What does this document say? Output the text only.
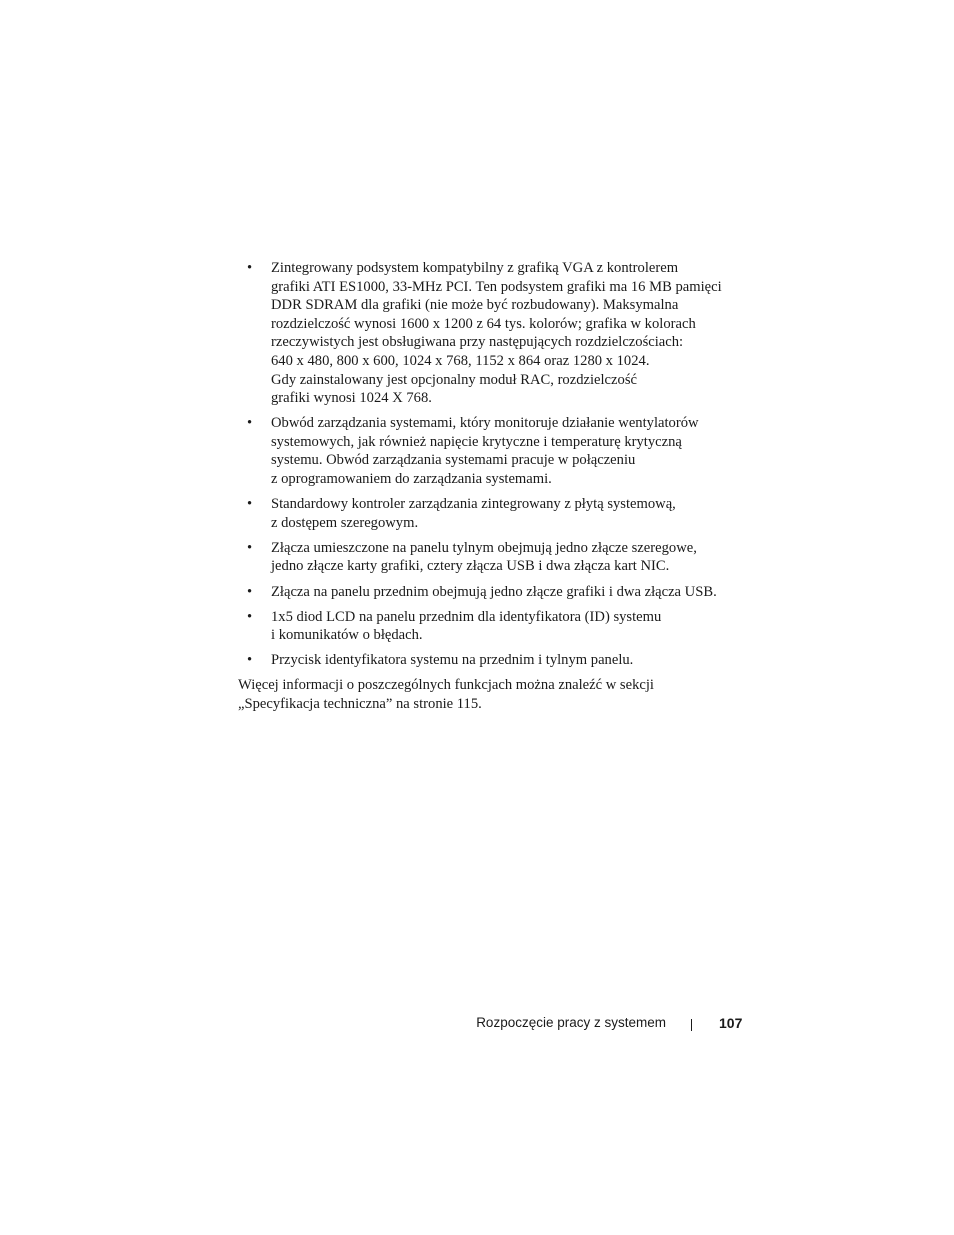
• Zintegrowany podsystem kompatybilny z grafiką VGA z kontrolerem
grafiki ATI ES1000, 33-MHz PCI. Ten podsystem grafiki ma 16 MB pamięci
DDR SDRAM dla grafiki (nie może być rozbudowany). Maksymalna
rozdzielczość wynosi 1600 x 1200 z 64 tys. kolorów; grafika w kolorach
rzeczywistych jest obsługiwana przy następujących rozdzielczościach:
640 x 480, 800 x 600, 1024 x 768, 1152 x 864 oraz 1280 x 1024.
Gdy zainstalowany jest opcjonalny moduł RAC, rozdzielczość
grafiki wynosi 1024 X 768.
• Obwód zarządzania systemami, który monitoruje działanie wentylatorów
systemowych, jak również napięcie krytyczne i temperaturę krytyczną
systemu. Obwód zarządzania systemami pracuje w połączeniu
z oprogramowaniem do zarządzania systemami.
• Standardowy kontroler zarządzania zintegrowany z płytą systemową,
z dostępem szeregowym.
• Złącza umieszczone na panelu tylnym obejmują jedno złącze szeregowe,
jedno złącze karty grafiki, cztery złącza USB i dwa złącza kart NIC.
• Złącza na panelu przednim obejmują jedno złącze grafiki i dwa złącza USB.
• 1x5 diod LCD na panelu przednim dla identyfikatora (ID) systemu
i komunikatów o błędach.
• Przycisk identyfikatora systemu na przednim i tylnym panelu.

Więcej informacji o poszczególnych funkcjach można znaleźć w sekcji
„Specyfikacja techniczna” na stronie 115.

Rozpoczęcie pracy z systemem	107
